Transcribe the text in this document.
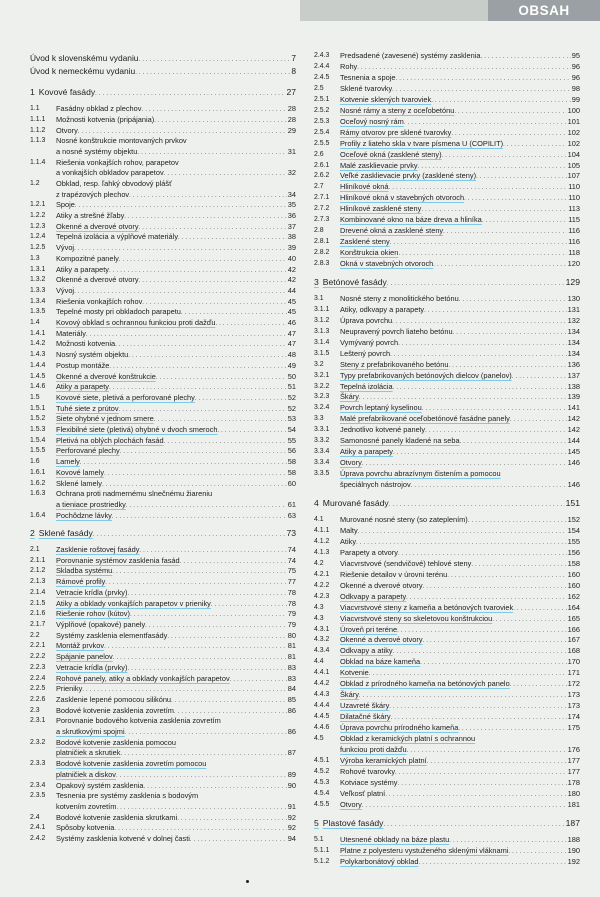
OBSAH
Úvod k slovenskému vydaniu . . .	7
Úvod k nemeckému vydaniu . . .	8
1 Kovové fasády . . .	27
1.1	Fasádny obklad z plechov . . .	28
1.1.1	Možnosti kotvenia (pripájania) . . .	28
1.1.2	Otvory . . .	29
1.1.3	Nosné konštrukcie montovaných prvkov
a nosné systémy objektu . . .	31
1.1.4	Riešenia vonkajších rohov, parapetov
a vonkajších obkladov parapetov . . .	32
1.2	Obklad, resp. ľahký obvodový plášť
z trapézových plechov . . .	34
1.2.1	Spoje . . .	35
1.2.2	Atiky a strešné žľaby . . .	36
1.2.3	Okenné a dverové otvory . . .	37
1.2.4	Tepelná izolácia a výplňové materiály . . .	38
1.2.5	Vývoj . . .	39
1.3	Kompozitné panely . . .	40
1.3.1	Atiky a parapety . . .	42
1.3.2	Okenné a dverové otvory . . .	42
1.3.3	Vývoj . . .	44
1.3.4	Riešenia vonkajších rohov . . .	45
1.3.5	Tepelné mosty pri obkladoch parapetu . . .	45
1.4	Kovový obklad s ochrannou funkciou proti dažďu . . .	46
1.4.1	Materiály . . .	47
1.4.2	Možnosti kotvenia . . .	47
1.4.3	Nosný systém objektu . . .	48
1.4.4	Postup montáže . . .	49
1.4.5	Okenné a dverové konštrukcie . . .	50
1.4.6	Atiky a parapety . . .	51
1.5	Kovové siete, pletivá a perforované plechy . . .	52
1.5.1	Tuhé siete z prútov . . .	52
1.5.2	Siete ohybné v jednom smere . . .	53
1.5.3	Flexibilné siete (pletivá) ohybné v dvoch smeroch . . .	54
1.5.4	Pletivá na oblých plochách fasád . . .	55
1.5.5	Perforované plechy . . .	56
1.6	Lamely . . .	58
1.6.1	Kovové lamely . . .	58
1.6.2	Sklené lamely . . .	60
1.6.3	Ochrana proti nadmernému slnečnému žiareniu
a tieniace prostriedky . . .	61
1.6.4	Pochôdzne lávky . . .	63
2 Sklené fasády . . .	73
2.1	Zasklenie roštovej fasády . . .	74
2.1.1	Porovnanie systémov zasklenia fasád . . .	74
2.1.2	Skladba systému . . .	75
2.1.3	Rámové profily . . .	77
2.1.4	Vetracie krídla (prvky) . . .	78
2.1.5	Atiky a obklady vonkajších parapetov v prieniky . . .	78
2.1.6	Riešenie rohov (kútov) . . .	79
2.1.7	Výplňové (opakové) panely . . .	79
2.2	Systémy zasklenia elementfasády . . .	80
2.2.1	Montáž prvkov . . .	81
2.2.2	Spájanie panelov . . .	81
2.2.3	Vetracie krídla (prvky) . . .	83
2.2.4	Rohové panely, atiky a obklady vonkajších parapetov . . .	83
2.2.5	Prieniky . . .	84
2.2.6	Zasklenie lepené pomocou silikónu . . .	85
2.3	Bodové kotvenie zasklenia zovretím . . .	86
2.3.1	Porovnanie bodového kotvenia zasklenia zovretím
a skrutkovými spojmi . . .	86
2.3.2	Bodové kotvenie zasklenia pomocou
platničiek a skrutiek . . .	87
2.3.3	Bodové kotvenie zasklenia zovretím pomocou
platničiek a diskov . . .	89
2.3.4	Opakový systém zasklenia . . .	90
2.3.5	Tesnenia pre systémy zasklenia s bodovým
kotvením zovretím . . .	91
2.4	Bodové kotvenie zasklenia skrutkami . . .	92
2.4.1	Spôsoby kotvenia . . .	92
2.4.2	Systémy zasklenia kotvené v dolnej časti . . .	94
2.4.3	Predsadené (zavesené) systémy zasklenia . . .	95
2.4.4	Rohy . . .	96
2.4.5	Tesnenia a spoje . . .	96
2.5	Sklené tvarovky . . .	98
2.5.1	Kotvenie sklených tvaroviek . . .	99
2.5.2	Nosné rámy a steny z oceľobetónu . . .	100
2.5.3	Oceľový nosný rám . . .	101
2.5.4	Rámy otvorov pre sklené tvarovky . . .	102
2.5.5	Profily z liateho skla v tvare písmena U (COPILIT) . . .	102
2.6	Oceľové okná (zasklené steny) . . .	104
2.6.1	Malé zasklievacie prvky . . .	105
2.6.2	Veľké zasklievacie prvky (zasklené steny) . . .	107
2.7	Hliníkové okná . . .	110
2.7.1	Hliníkové okná v stavebných otvoroch . . .	110
2.7.2	Hliníkové zasklené steny . . .	113
2.7.3	Kombinované okno na báze dreva a hliníka . . .	115
2.8	Drevené okná a zasklené steny . . .	116
2.8.1	Zasklené steny . . .	116
2.8.2	Konštrukcia okien . . .	118
2.8.3	Okná v stavebných otvoroch . . .	120
3 Betónové fasády . . .	129
3.1	Nosné steny z monolitického betónu . . .	130
3.1.1	Atiky, odkvapy a parapety . . .	131
3.1.2	Úprava povrchu . . .	132
3.1.3	Neupravený povrch liateho betónu . . .	134
3.1.4	Vymývaný povrch . . .	134
3.1.5	Leštený povrch . . .	134
3.2	Steny z prefabrikovaného betónu . . .	136
3.2.1	Typy prefabrikovaných betónových dielcov (panelov) . . .	137
3.2.2	Tepelná izolácia . . .	138
3.2.3	Škáry . . .	139
3.2.4	Povrch leptaný kyselinou . . .	141
3.3	Malé prefabrikované oceľobetónové fasádne panely . . .	142
3.3.1	Jednotlivo kotvené panely . . .	142
3.3.2	Samonosné panely kladené na seba . . .	144
3.3.4	Atiky a parapety . . .	145
3.3.4	Otvory . . .	146
3.3.5	Úprava povrchu abrazívnym čistením a pomocou
špeciálnych nástrojov . . .	146
4 Murované fasády . . .	151
4.1	Murované nosné steny (so zateplením) . . .	152
4.1.1	Malty . . .	154
4.1.2	Atiky . . .	155
4.1.3	Parapety a otvory . . .	156
4.2	Viacvrstvové (sendvičové) tehlové steny . . .	158
4.2.1	Riešenie detailov v úrovni terénu . . .	160
4.2.2	Okenné a dverové otvory . . .	160
4.2.3	Odkvapy a parapety . . .	162
4.3	Viacvrstvové steny z kameňa a betónových tvaroviek . . .	164
4.3	Viacvrstvové steny so skeletovou konštrukciou . . .	165
4.3.1	Úroveň pri teréne . . .	166
4.3.2	Okenné a dverové otvory . . .	167
4.3.4	Odkvapy a atiky . . .	168
4.4	Obklad na báze kameňa . . .	170
4.4.1	Kotvenie . . .	171
4.4.2	Obklad z prírodného kameňa na betónových panelo . . .	172
4.4.3	Škáry . . .	173
4.4.4	Uzavreté škáry . . .	173
4.4.5	Dilatačné škáry . . .	174
4.4.6	Úprava povrchu prírodného kameňa . . .	175
4.5	Obklad z keramických platní s ochrannou
funkciou proti dažďu . . .	176
4.5.1	Výroba keramických platní . . .	177
4.5.2	Rohové tvarovky . . .	177
4.5.3	Kotviace systémy . . .	178
4.5.4	Veľkosť platní . . .	180
4.5.5	Otvory . . .	181
5 Plastové fasády . . .	187
5.1	Utesnené obklady na báze plastu . . .	188
5.1.1	Platne z polyesteru vystuženého sklenými vláknami . . .	190
5.1.2	Polykarbonátový obklad . . .	192
